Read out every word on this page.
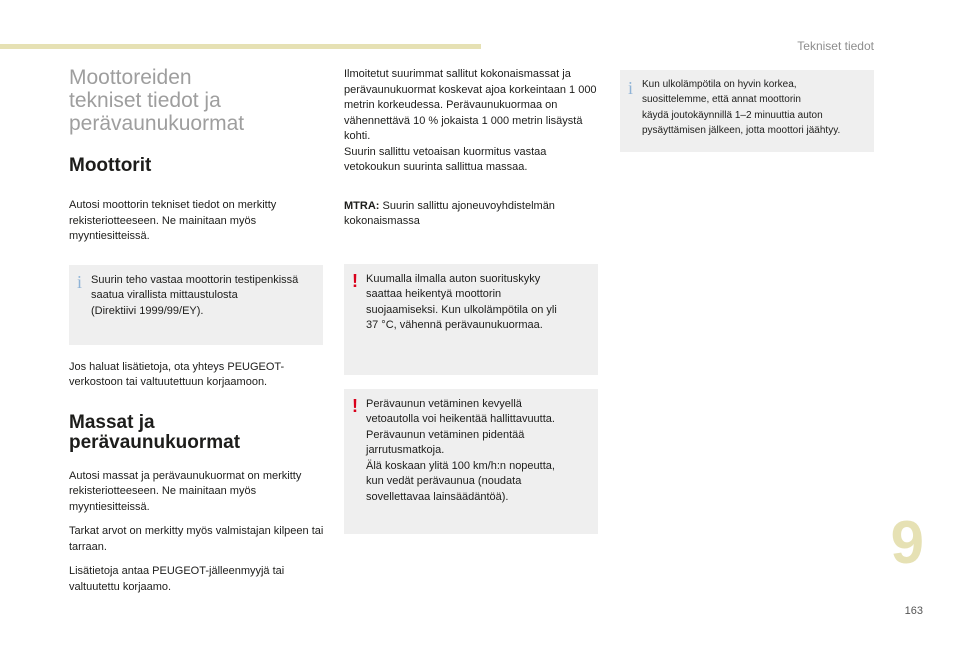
Tekniset tiedot
Moottoreiden
tekniset tiedot ja
perävaunukuormat
Moottorit

Autosi moottorin tekniset tiedot on merkitty rekisteriotteeseen. Ne mainitaan myös myyntiesitteissä.

i Suurin teho vastaa moottorin testipenkissä
saatua virallista mittaustulosta
(Direktiivi 1999/99/EY).

Jos haluat lisätietoja, ota yhteys PEUGEOT-verkostoon tai valtuutettuun korjaamoon.

Massat ja
perävaunukuormat

Autosi massat ja perävaunukuormat on merkitty rekisteriotteeseen. Ne mainitaan myös myyntiesitteissä.

Tarkat arvot on merkitty myös valmistajan kilpeen tai tarraan.

Lisätietoja antaa PEUGEOT-jälleenmyyjä tai valtuutettu korjaamo.

Ilmoitetut suurimmat sallitut kokonaismassat ja perävaunukuormat koskevat ajoa korkeintaan 1 000 metrin korkeudessa. Perävaunukuormaa on vähennettävä 10 % jokaista 1 000 metrin lisäystä kohti.

Suurin sallittu vetoaisan kuormitus vastaa vetokoukun suurinta sallittua massaa.

MTRA: Suurin sallittu ajoneuvoyhdistelmän kokonaismassa

! Kuumalla ilmalla auton suorituskyky
saattaa heikentyä moottorin
suojaamiseksi. Kun ulkolämpötila on yli
37 °C, vähennä perävaunukuormaa.

! Perävaunun vetäminen kevyellä
vetoautolla voi heikentää hallittavuutta.
Perävaunun vetäminen pidentää
jarrutusmatkoja.
Älä koskaan ylitä 100 km/h:n nopeutta,
kun vedät perävaunua (noudata
sovellettavaa lainsäädäntöä).

i Kun ulkolämpötila on hyvin korkea,
suosittelemme, että annat moottorin
käydä joutokäynnillä 1–2 minuuttia auton
pysäyttämisen jälkeen, jotta moottori jäähtyy.

9
163
